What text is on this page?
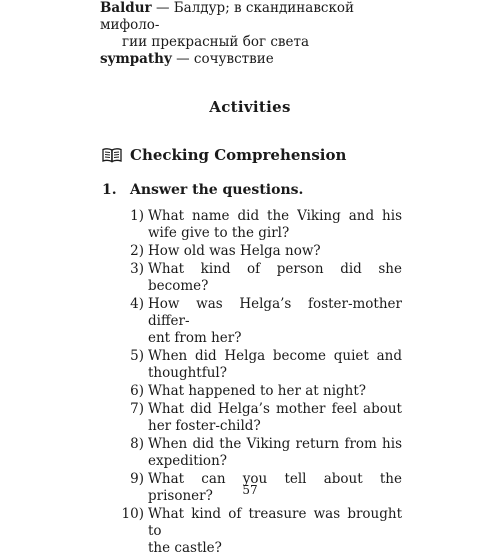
Baldur — Балдур; в скандинавской мифоло-
гии прекрасный бог света
sympathy — сочувствие
Activities
Checking Comprehension
1. Answer the questions.
1) What name did the Viking and his
wife give to the girl?
2) How old was Helga now?
3) What kind of person did she become?
4) How was Helga’s foster-mother differ-
ent from her?
5) When did Helga become quiet and
thoughtful?
6) What happened to her at night?
7) What did Helga’s mother feel about
her foster-child?
8) When did the Viking return from his
expedition?
9) What can you tell about the prisoner?
10) What kind of treasure was brought to
the castle?
57
